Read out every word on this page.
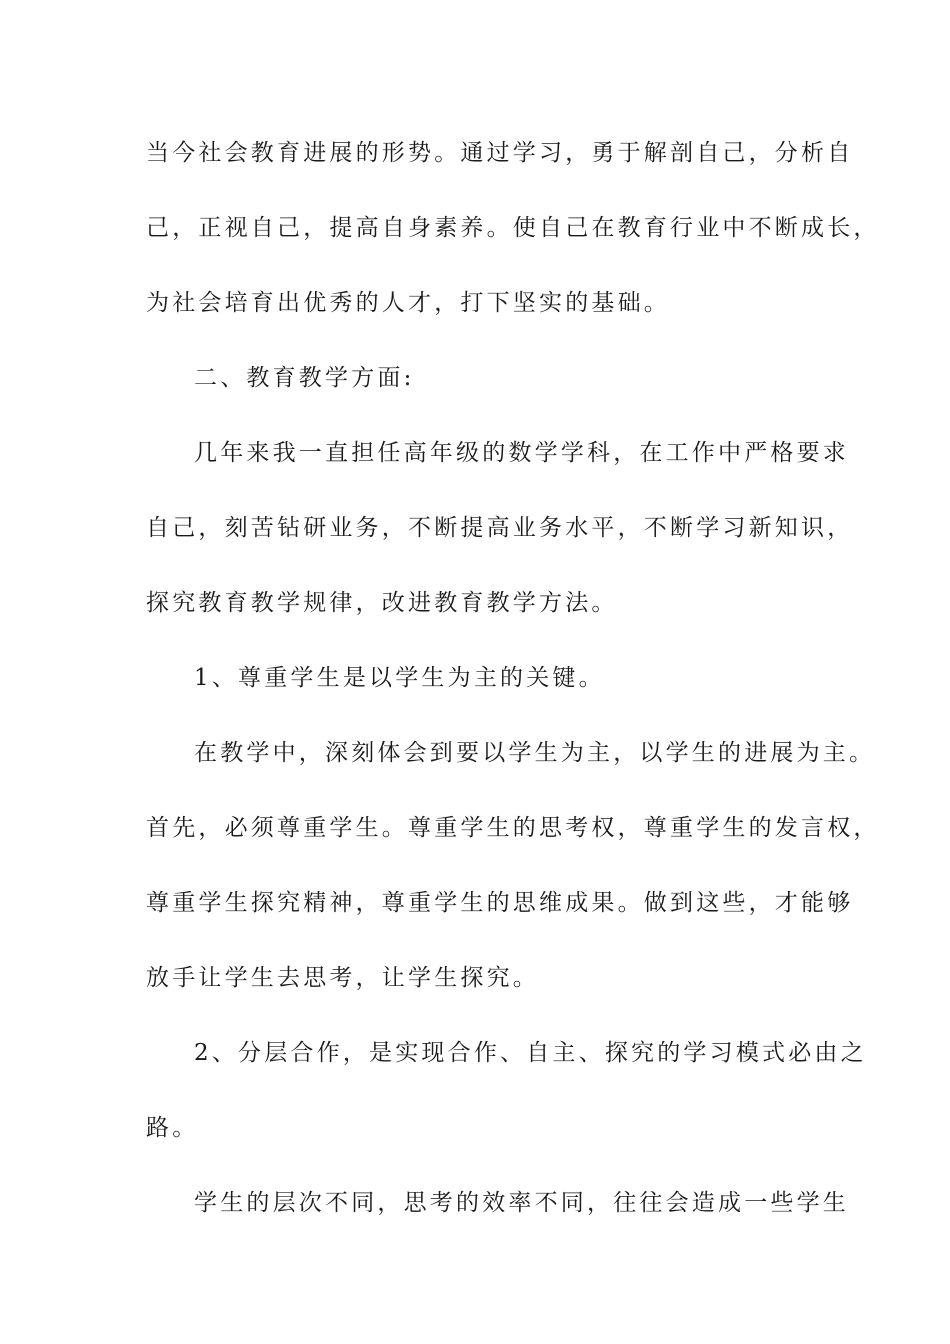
当今社会教育进展的形势。通过学习，勇于解剖自己，分析自
己，正视自己，提高自身素养。使自己在教育行业中不断成长，
为社会培育出优秀的人才，打下坚实的基础。
二、教育教学方面:
几年来我一直担任高年级的数学学科，在工作中严格要求
自己，刻苦钻研业务，不断提高业务水平，不断学习新知识，
探究教育教学规律，改进教育教学方法。
1、尊重学生是以学生为主的关键。
在教学中，深刻体会到要以学生为主，以学生的进展为主。
首先，必须尊重学生。尊重学生的思考权，尊重学生的发言权，
尊重学生探究精神，尊重学生的思维成果。做到这些，才能够
放手让学生去思考，让学生探究。
2、分层合作，是实现合作、自主、探究的学习模式必由之
路。
学生的层次不同，思考的效率不同，往往会造成一些学生
